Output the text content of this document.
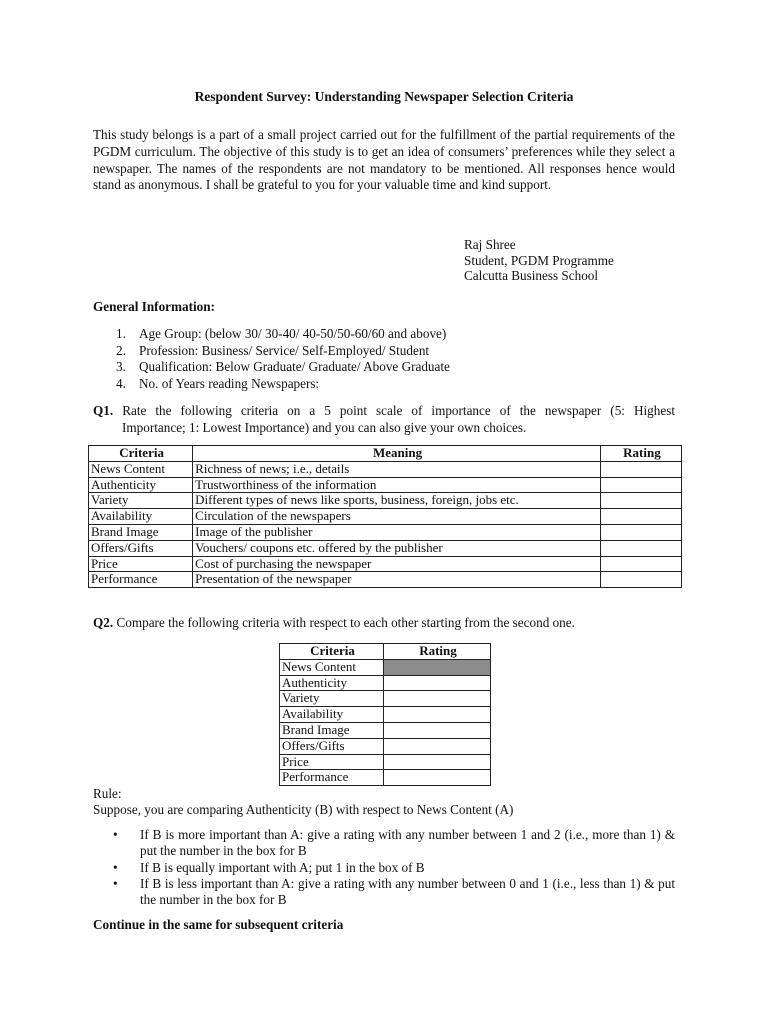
Respondent Survey: Understanding Newspaper Selection Criteria
This study belongs is a part of a small project carried out for the fulfillment of the partial requirements of the PGDM curriculum. The objective of this study is to get an idea of consumers’ preferences while they select a newspaper. The names of the respondents are not mandatory to be mentioned. All responses hence would stand as anonymous. I shall be grateful to you for your valuable time and kind support.
Raj Shree
Student, PGDM Programme
Calcutta Business School
General Information:
1. Age Group: (below 30/ 30-40/ 40-50/50-60/60 and above)
2. Profession: Business/ Service/ Self-Employed/ Student
3. Qualification: Below Graduate/ Graduate/ Above Graduate
4. No. of Years reading Newspapers:
Q1. Rate the following criteria on a 5 point scale of importance of the newspaper (5: Highest
Importance; 1: Lowest Importance) and you can also give your own choices.
Criteria	Meaning	Rating
News Content	Richness of news; i.e., details	
Authenticity	Trustworthiness of the information	
Variety	Different types of news like sports, business, foreign, jobs etc.	
Availability	Circulation of the newspapers	
Brand Image	Image of the publisher	
Offers/Gifts	Vouchers/ coupons etc. offered by the publisher	
Price	Cost of purchasing the newspaper	
Performance	Presentation of the newspaper	
Q2. Compare the following criteria with respect to each other starting from the second one.
Criteria	Rating
News Content	
Authenticity	
Variety	
Availability	
Brand Image	
Offers/Gifts	
Price	
Performance	
Rule:
Suppose, you are comparing Authenticity (B) with respect to News Content (A)
•	If B is more important than A: give a rating with any number between 1 and 2 (i.e., more than 1) & put the number in the box for B
•	If B is equally important with A; put 1 in the box of B
•	If B is less important than A: give a rating with any number between 0 and 1 (i.e., less than 1) & put the number in the box for B
Continue in the same for subsequent criteria
